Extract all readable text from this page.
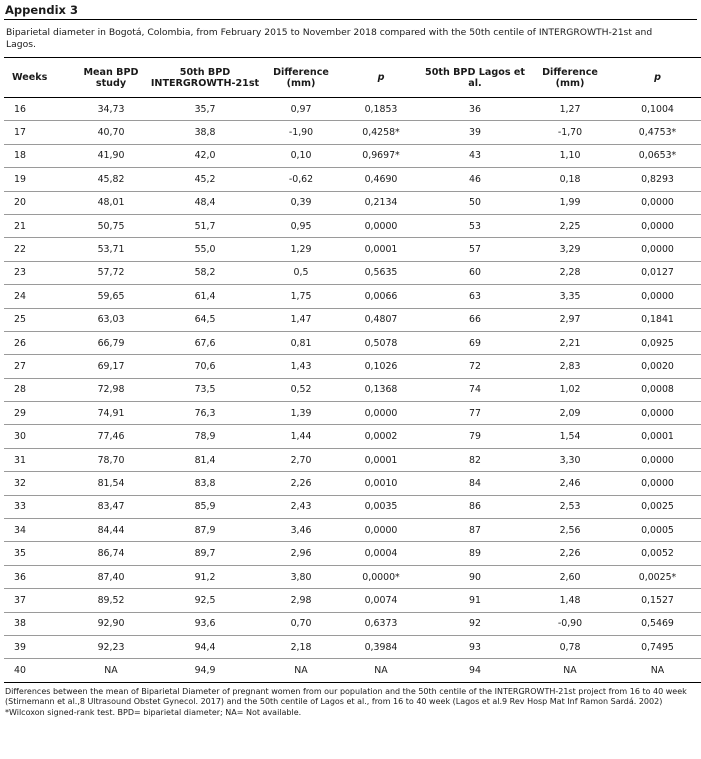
Appendix 3
Biparietal diameter in Bogotá, Colombia, from February 2015 to November 2018 compared with the 50th centile of INTERGROWTH-21st and Lagos.
Weeks	Mean BPD study	50th BPD INTERGROWTH-21st	Difference (mm)	p	50th BPD Lagos et al.	Difference (mm)	p
16	34,73	35,7	0,97	0,1853	36	1,27	0,1004
17	40,70	38,8	-1,90	0,4258*	39	-1,70	0,4753*
18	41,90	42,0	0,10	0,9697*	43	1,10	0,0653*
19	45,82	45,2	-0,62	0,4690	46	0,18	0,8293
20	48,01	48,4	0,39	0,2134	50	1,99	0,0000
21	50,75	51,7	0,95	0,0000	53	2,25	0,0000
22	53,71	55,0	1,29	0,0001	57	3,29	0,0000
23	57,72	58,2	0,5	0,5635	60	2,28	0,0127
24	59,65	61,4	1,75	0,0066	63	3,35	0,0000
25	63,03	64,5	1,47	0,4807	66	2,97	0,1841
26	66,79	67,6	0,81	0,5078	69	2,21	0,0925
27	69,17	70,6	1,43	0,1026	72	2,83	0,0020
28	72,98	73,5	0,52	0,1368	74	1,02	0,0008
29	74,91	76,3	1,39	0,0000	77	2,09	0,0000
30	77,46	78,9	1,44	0,0002	79	1,54	0,0001
31	78,70	81,4	2,70	0,0001	82	3,30	0,0000
32	81,54	83,8	2,26	0,0010	84	2,46	0,0000
33	83,47	85,9	2,43	0,0035	86	2,53	0,0025
34	84,44	87,9	3,46	0,0000	87	2,56	0,0005
35	86,74	89,7	2,96	0,0004	89	2,26	0,0052
36	87,40	91,2	3,80	0,0000*	90	2,60	0,0025*
37	89,52	92,5	2,98	0,0074	91	1,48	0,1527
38	92,90	93,6	0,70	0,6373	92	-0,90	0,5469
39	92,23	94,4	2,18	0,3984	93	0,78	0,7495
40	NA	94,9	NA	NA	94	NA	NA
Differences between the mean of Biparietal Diameter of pregnant women from our population and the 50th centile of the INTERGROWTH-21st project from 16 to 40 week (Stirnemann et al.,8 Ultrasound Obstet Gynecol. 2017) and the 50th centile of Lagos et al., from 16 to 40 week (Lagos et al.9 Rev Hosp Mat Inf Ramon Sardá. 2002) *Wilcoxon signed-rank test. BPD= biparietal diameter; NA= Not available.
